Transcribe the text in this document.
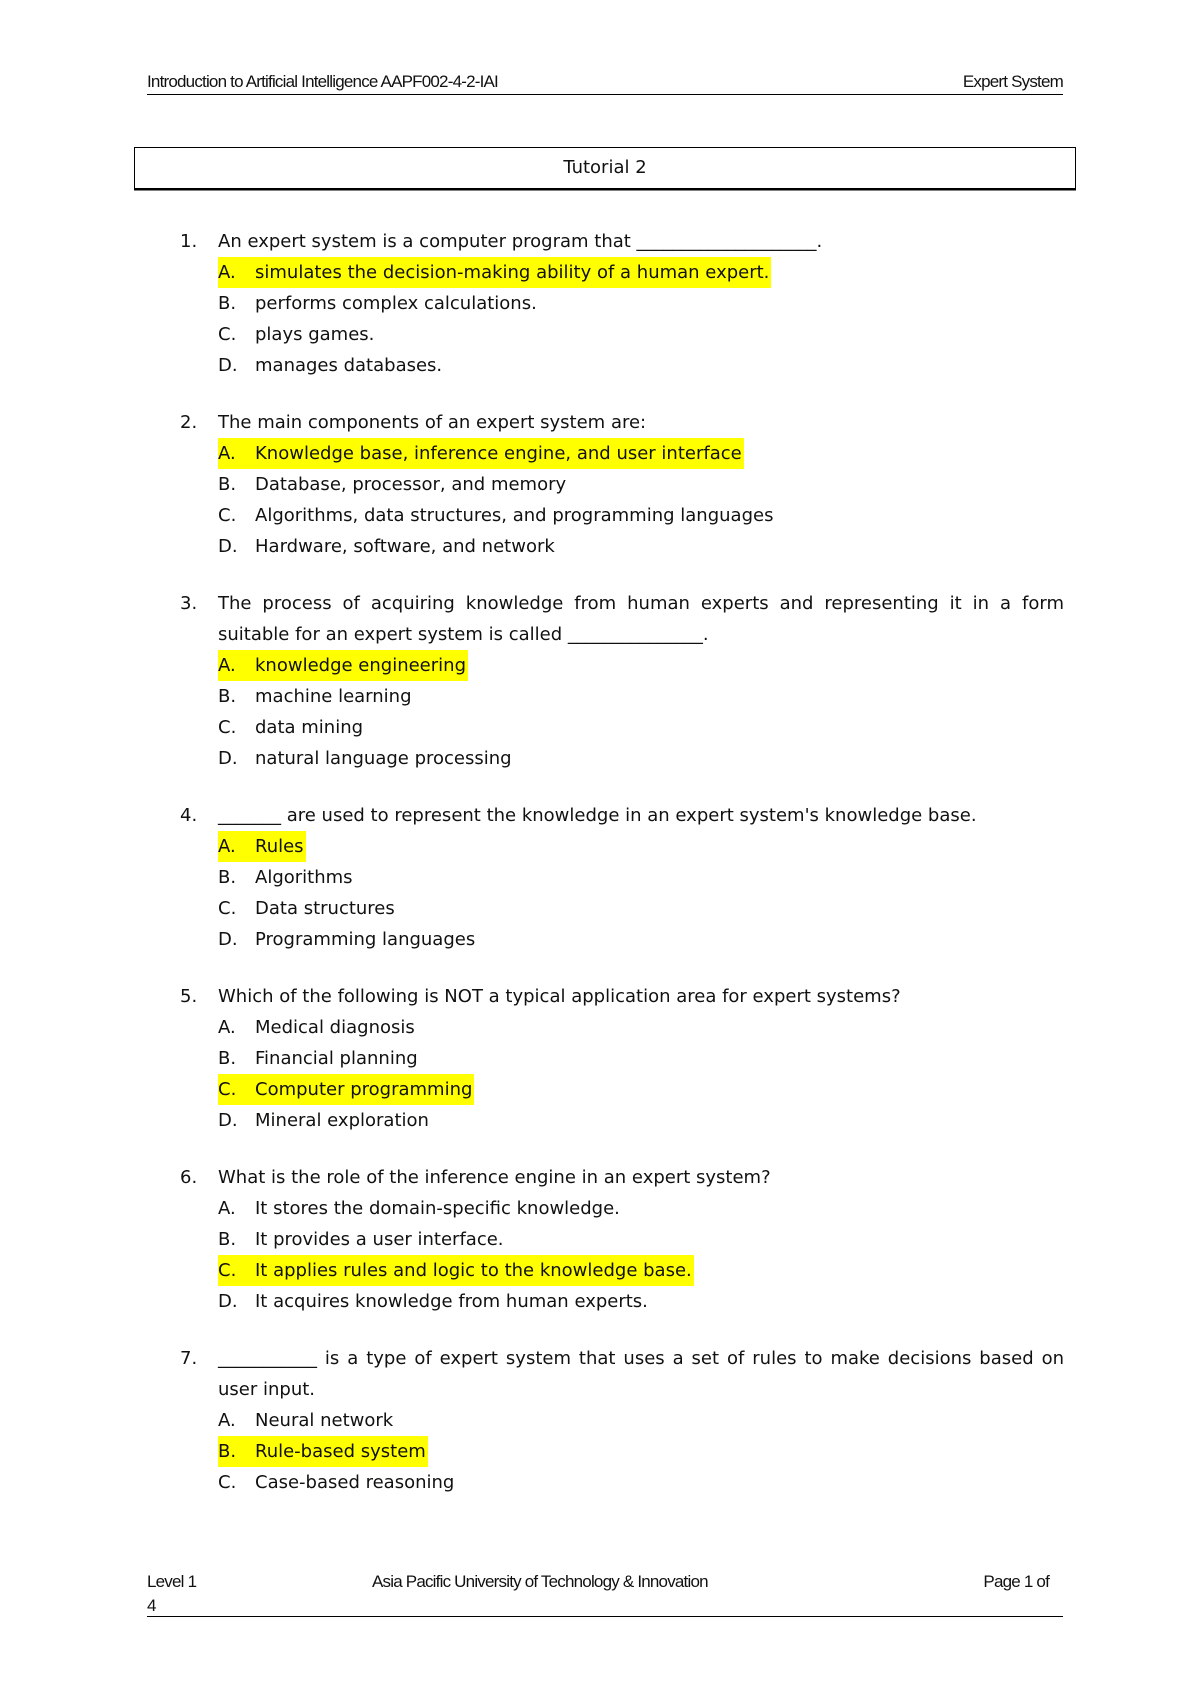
Introduction to Artificial Intelligence AAPF002-4-2-IAI	Expert System
Tutorial 2
1.	An expert system is a computer program that ____________________.
A.	simulates the decision-making ability of a human expert.
B.	performs complex calculations.
C.	plays games.
D. manages databases.
2.	The main components of an expert system are:
A.	Knowledge base, inference engine, and user interface
B.	Database, processor, and memory
C.	Algorithms, data structures, and programming languages
D. Hardware, software, and network
3.	The process of acquiring knowledge from human experts and representing it in a form suitable for an expert system is called _______________.
A.	knowledge engineering
B.	machine learning
C.	data mining
D. natural language processing
4.	_______ are used to represent the knowledge in an expert system's knowledge base.
A.	Rules
B.	Algorithms
C.	Data structures
D. Programming languages
5.	Which of the following is NOT a typical application area for expert systems?
A.	Medical diagnosis
B.	Financial planning
C.	Computer programming
D. Mineral exploration
6.	What is the role of the inference engine in an expert system?
A.	It stores the domain-specific knowledge.
B.	It provides a user interface.
C.	It applies rules and logic to the knowledge base.
D. It acquires knowledge from human experts.
7.	___________ is a type of expert system that uses a set of rules to make decisions based on user input.
A.	Neural network
B.	Rule-based system
C.	Case-based reasoning
Level 1
4
Asia Pacific University of Technology & Innovation	Page 1 of
